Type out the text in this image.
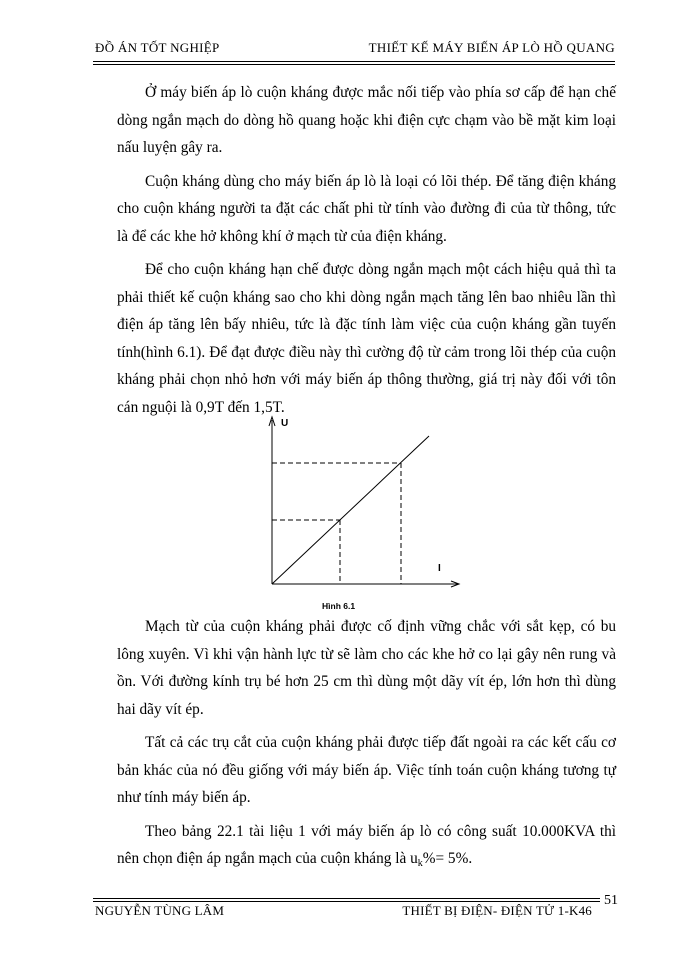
ĐỒ ÁN TỐT NGHIỆP	THIẾT KẾ MÁY BIẾN ÁP LÒ HỒ QUANG

Ở máy biến áp lò cuộn kháng được mắc nối tiếp vào phía sơ cấp để hạn chế dòng ngắn mạch do dòng hồ quang hoặc khi điện cực chạm vào bề mặt kim loại nấu luyện gây ra.

Cuộn kháng dùng cho máy biến áp lò là loại có lõi thép. Để tăng điện kháng cho cuộn kháng người ta đặt các chất phi từ tính vào đường đi của từ thông, tức là để các khe hở không khí ở mạch từ của điện kháng.

Để cho cuộn kháng hạn chế được dòng ngắn mạch một cách hiệu quả thì ta phải thiết kế cuộn kháng sao cho khi dòng ngắn mạch tăng lên bao nhiêu lần thì điện áp tăng lên bấy nhiêu, tức là đặc tính làm việc của cuộn kháng gần tuyến tính(hình 6.1). Để đạt được điều này thì cường độ từ cảm trong lõi thép của cuộn kháng phải chọn nhỏ hơn với máy biến áp thông thường, giá trị này đối với tôn cán nguội là 0,9T đến 1,5T.

U
I
Hình 6.1

Mạch từ của cuộn kháng phải được cố định vững chắc với sắt kẹp, có bu lông xuyên. Vì khi vận hành lực từ sẽ làm cho các khe hở co lại gây nên rung và ồn. Với đường kính trụ bé hơn 25 cm thì dùng một dãy vít ép, lớn hơn thì dùng hai dãy vít ép.

Tất cả các trụ cắt của cuộn kháng phải được tiếp đất ngoài ra các kết cấu cơ bản khác của nó đều giống với máy biến áp. Việc tính toán cuộn kháng tương tự như tính máy biến áp.

Theo bảng 22.1 tài liệu 1 với máy biến áp lò có công suất 10.000KVA thì nên chọn điện áp ngắn mạch của cuộn kháng là $u_k\%= 5\%$.

NGUYỄN TÙNG LÂM	THIẾT BỊ ĐIỆN- ĐIỆN TỬ 1-K46
51
